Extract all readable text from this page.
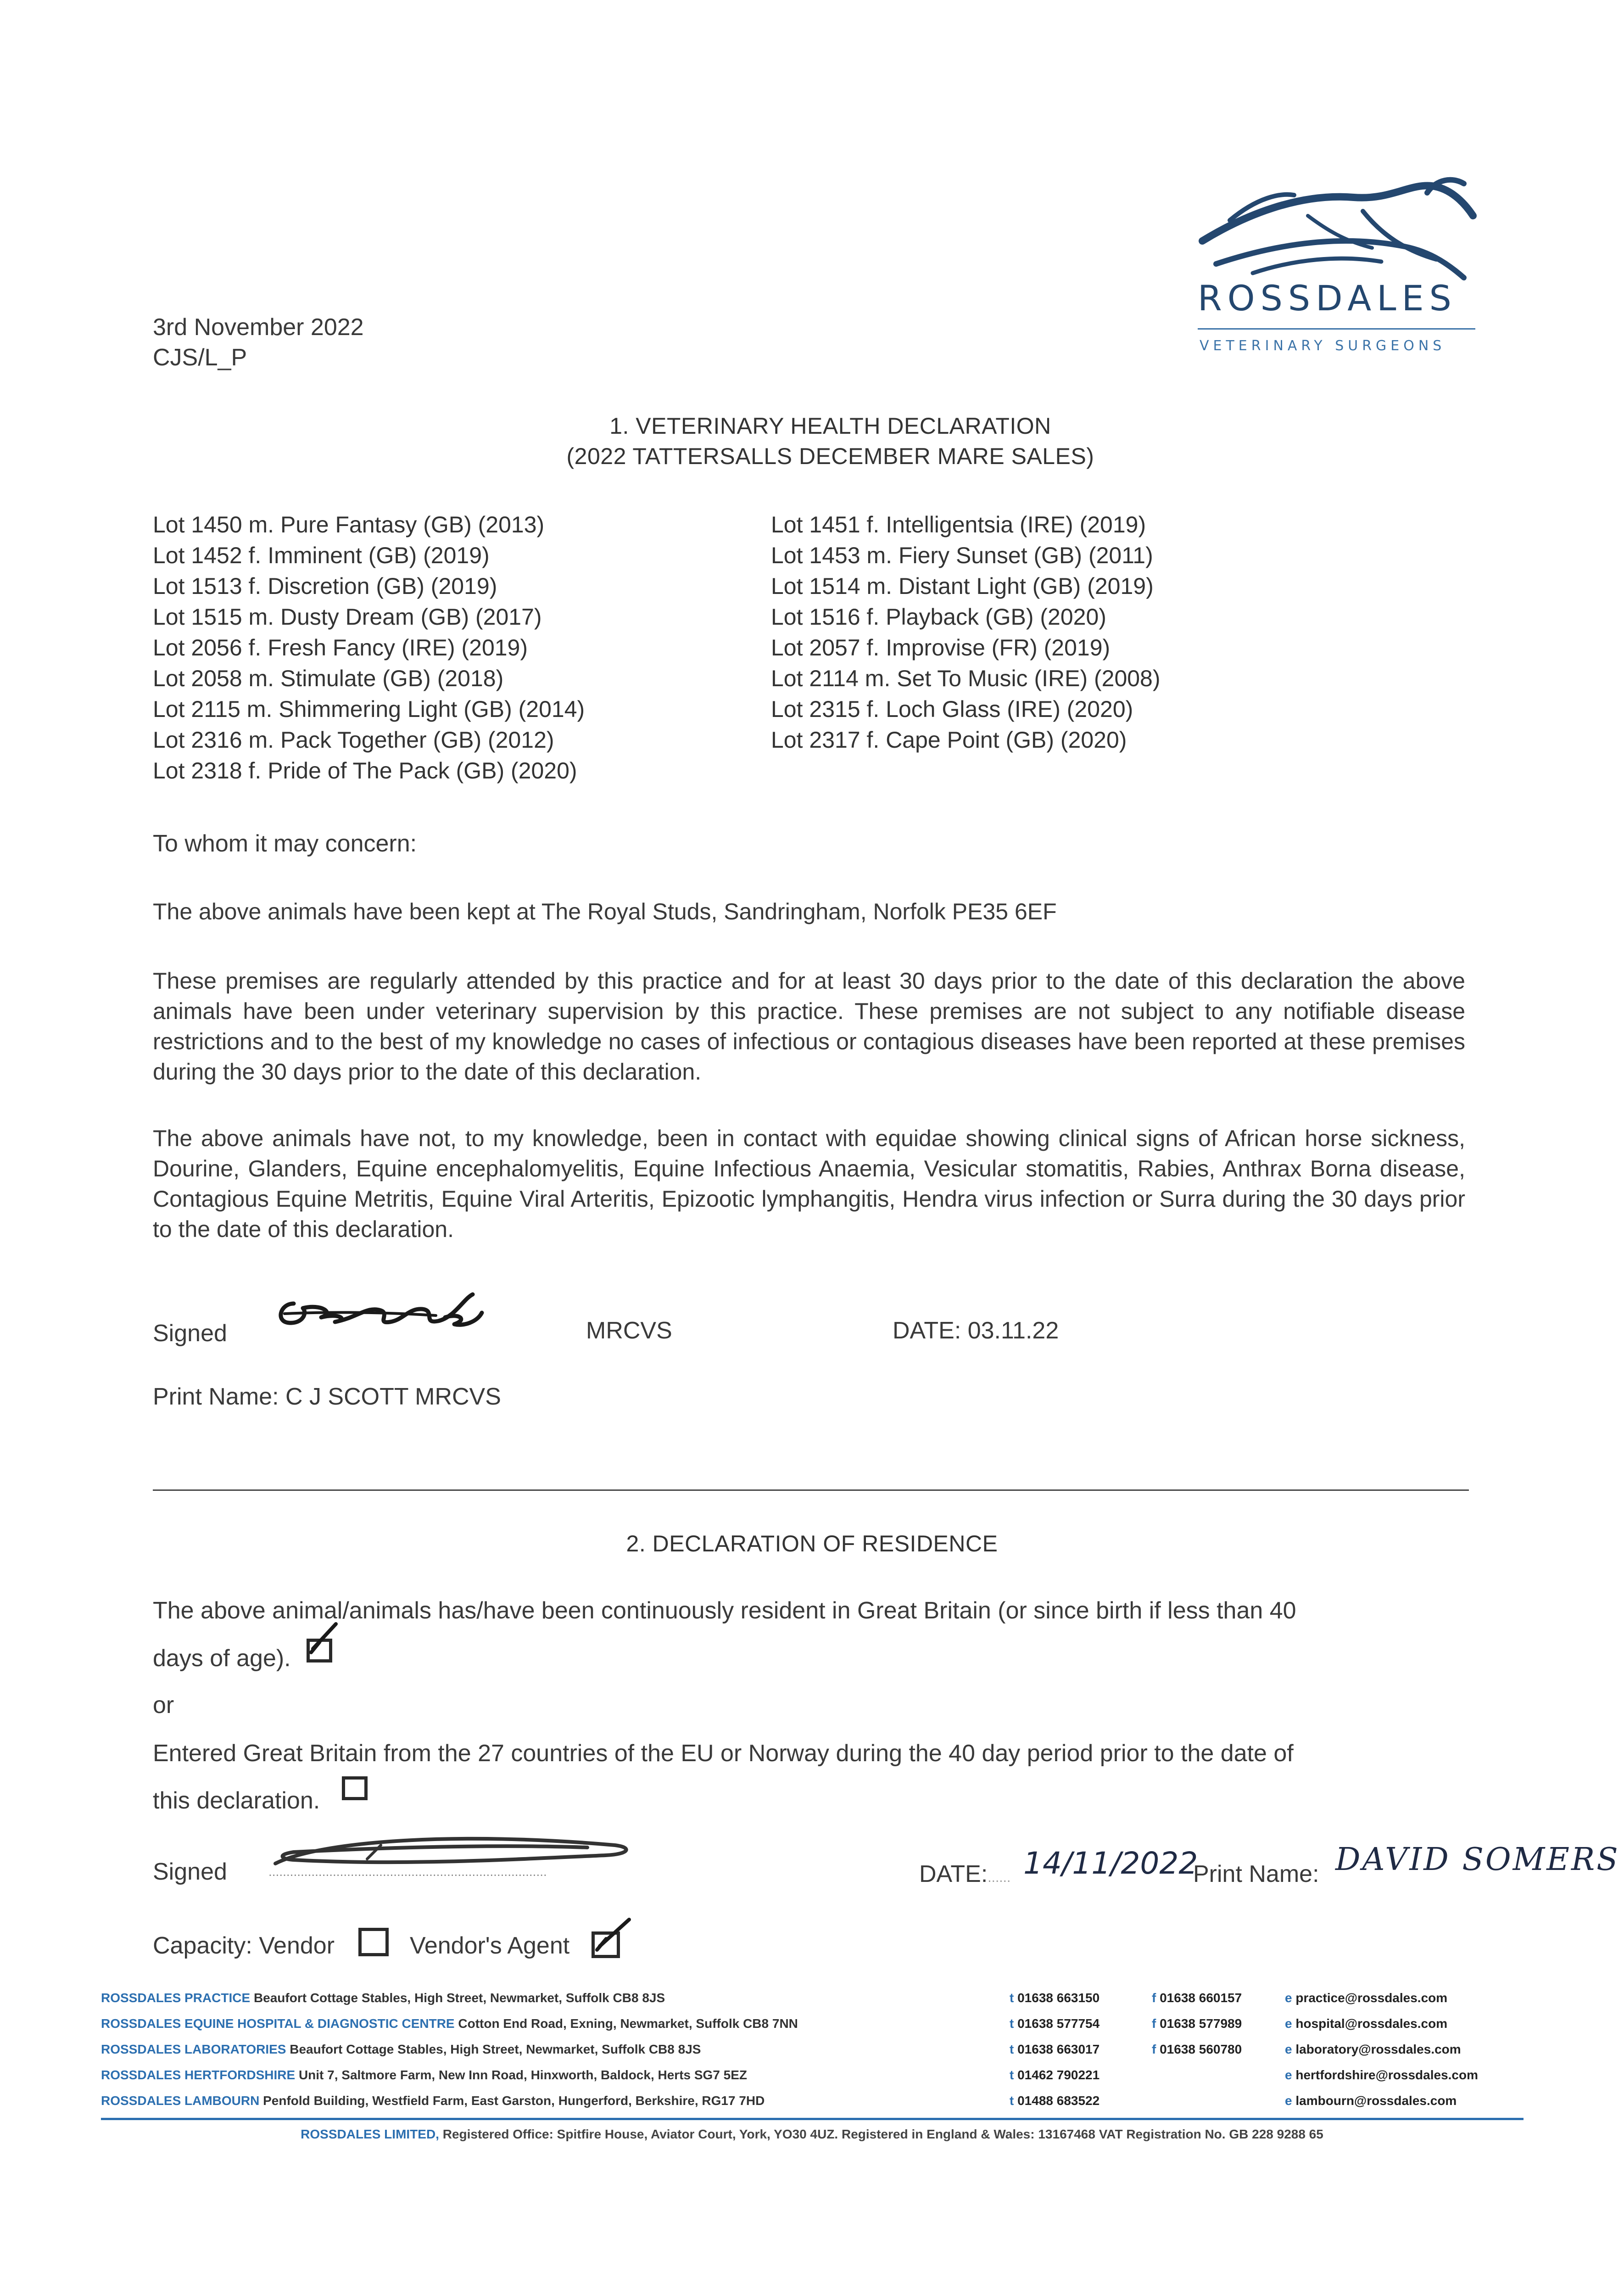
ROSSDALES
VETERINARY SURGEONS
3rd November 2022
CJS/L_P
1. VETERINARY HEALTH DECLARATION
(2022 TATTERSALLS DECEMBER MARE SALES)
Lot 1450 m. Pure Fantasy (GB) (2013)
Lot 1452 f. Imminent (GB) (2019)
Lot 1513 f. Discretion (GB) (2019)
Lot 1515 m. Dusty Dream (GB) (2017)
Lot 2056 f. Fresh Fancy (IRE) (2019)
Lot 2058 m. Stimulate (GB) (2018)
Lot 2115 m. Shimmering Light (GB) (2014)
Lot 2316 m. Pack Together (GB) (2012)
Lot 2318 f. Pride of The Pack (GB) (2020)
Lot 1451 f. Intelligentsia (IRE) (2019)
Lot 1453 m. Fiery Sunset (GB) (2011)
Lot 1514 m. Distant Light (GB) (2019)
Lot 1516 f. Playback (GB) (2020)
Lot 2057 f. Improvise (FR) (2019)
Lot 2114 m. Set To Music (IRE) (2008)
Lot 2315 f. Loch Glass (IRE) (2020)
Lot 2317 f. Cape Point (GB) (2020)
To whom it may concern:
The above animals have been kept at The Royal Studs, Sandringham, Norfolk PE35 6EF
These premises are regularly attended by this practice and for at least 30 days prior to the date of this declaration the above animals have been under veterinary supervision by this practice. These premises are not subject to any notifiable disease restrictions and to the best of my knowledge no cases of infectious or contagious diseases have been reported at these premises during the 30 days prior to the date of this declaration.
The above animals have not, to my knowledge, been in contact with equidae showing clinical signs of African horse sickness, Dourine, Glanders, Equine encephalomyelitis, Equine Infectious Anaemia, Vesicular stomatitis, Rabies, Anthrax Borna disease, Contagious Equine Metritis, Equine Viral Arteritis, Epizootic lymphangitis, Hendra virus infection or Surra during the 30 days prior to the date of this declaration.
Signed	MRCVS	DATE: 03.11.22
Print Name: C J SCOTT MRCVS
2. DECLARATION OF RESIDENCE
The above animal/animals has/have been continuously resident in Great Britain (or since birth if less than 40
days of age).
or
Entered Great Britain from the 27 countries of the EU or Norway during the 40 day period prior to the date of
this declaration.
Signed	..............................................................................	DATE:...... 14/11/2022
Print Name: DAVID SOMERS
Capacity: Vendor	Vendor's Agent
ROSSDALES PRACTICE Beaufort Cottage Stables, High Street, Newmarket, Suffolk CB8 8JS	t 01638 663150	f 01638 660157	e practice@rossdales.com
ROSSDALES EQUINE HOSPITAL & DIAGNOSTIC CENTRE Cotton End Road, Exning, Newmarket, Suffolk CB8 7NN	t 01638 577754	f 01638 577989	e hospital@rossdales.com
ROSSDALES LABORATORIES Beaufort Cottage Stables, High Street, Newmarket, Suffolk CB8 8JS	t 01638 663017	f 01638 560780	e laboratory@rossdales.com
ROSSDALES HERTFORDSHIRE Unit 7, Saltmore Farm, New Inn Road, Hinxworth, Baldock, Herts SG7 5EZ	t 01462 790221	e hertfordshire@rossdales.com
ROSSDALES LAMBOURN Penfold Building, Westfield Farm, East Garston, Hungerford, Berkshire, RG17 7HD	t 01488 683522	e lambourn@rossdales.com
ROSSDALES LIMITED, Registered Office: Spitfire House, Aviator Court, York, YO30 4UZ. Registered in England & Wales: 13167468 VAT Registration No. GB 228 9288 65
